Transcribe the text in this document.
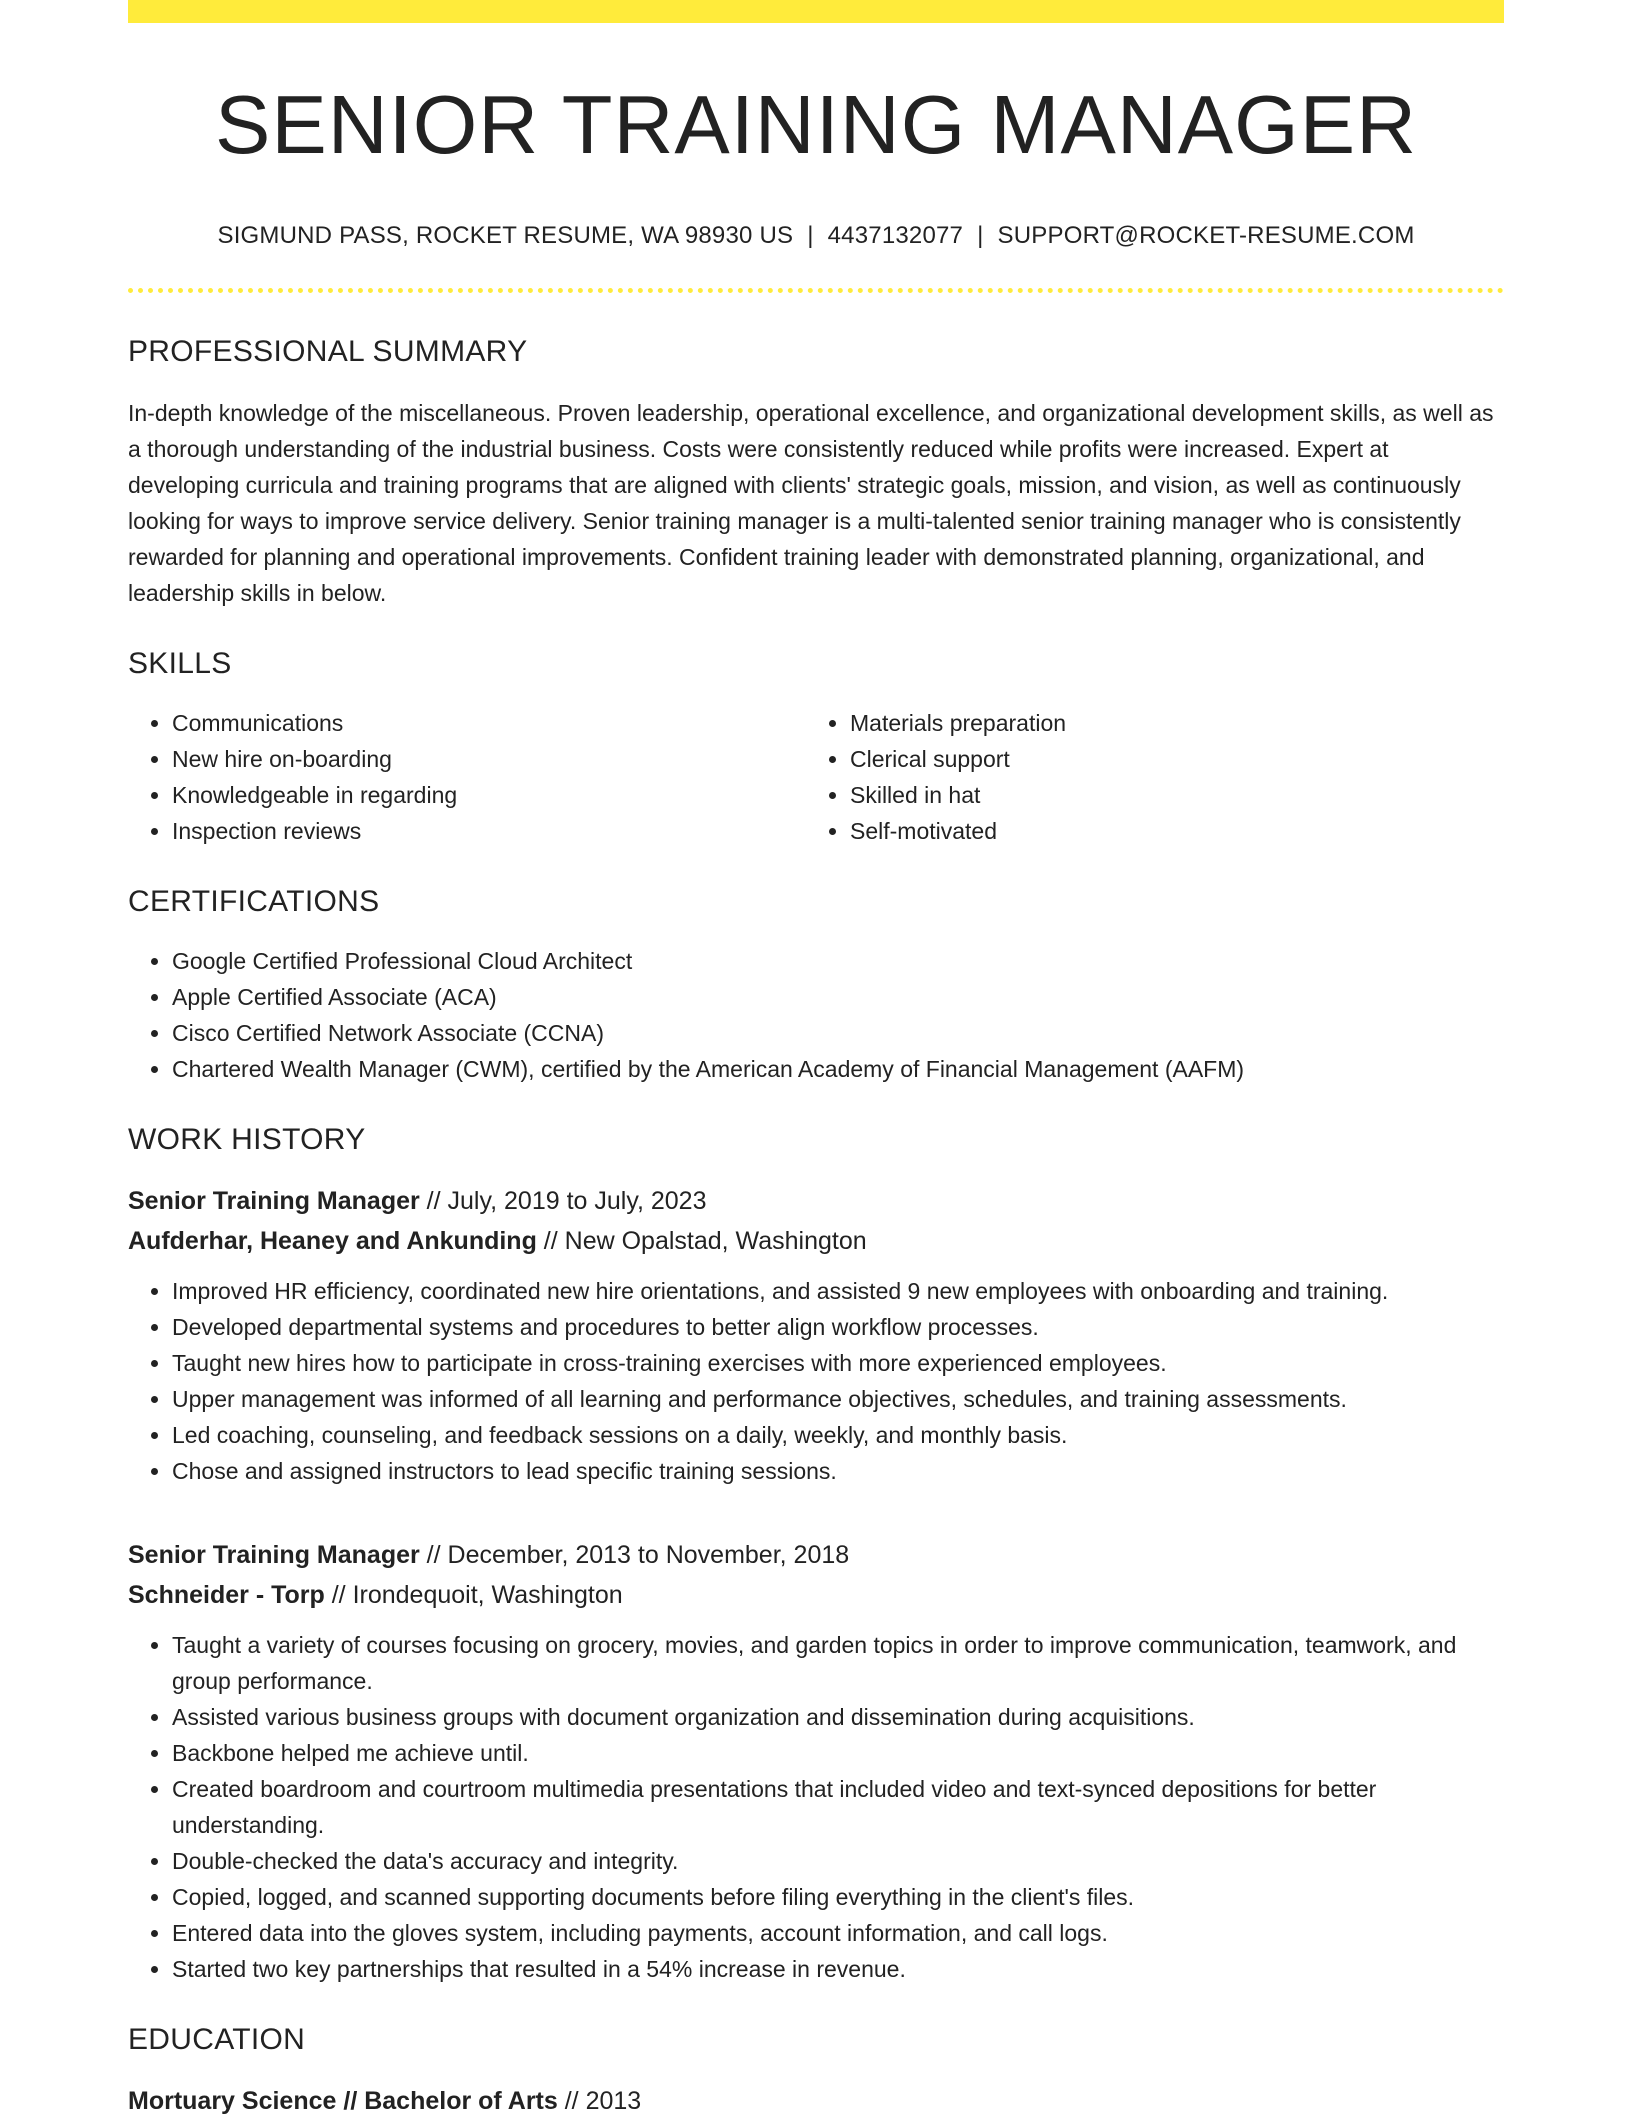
SENIOR TRAINING MANAGER
SIGMUND PASS, ROCKET RESUME, WA 98930 US | 4437132077 | SUPPORT@ROCKET-RESUME.COM
PROFESSIONAL SUMMARY
In-depth knowledge of the miscellaneous. Proven leadership, operational excellence, and organizational development skills, as well as a thorough understanding of the industrial business. Costs were consistently reduced while profits were increased. Expert at developing curricula and training programs that are aligned with clients' strategic goals, mission, and vision, as well as continuously looking for ways to improve service delivery. Senior training manager is a multi-talented senior training manager who is consistently rewarded for planning and operational improvements. Confident training leader with demonstrated planning, organizational, and leadership skills in below.
SKILLS
• Communications
• New hire on-boarding
• Knowledgeable in regarding
• Inspection reviews
• Materials preparation
• Clerical support
• Skilled in hat
• Self-motivated
CERTIFICATIONS
• Google Certified Professional Cloud Architect
• Apple Certified Associate (ACA)
• Cisco Certified Network Associate (CCNA)
• Chartered Wealth Manager (CWM), certified by the American Academy of Financial Management (AAFM)
WORK HISTORY
Senior Training Manager // July, 2019 to July, 2023
Aufderhar, Heaney and Ankunding // New Opalstad, Washington
• Improved HR efficiency, coordinated new hire orientations, and assisted 9 new employees with onboarding and training.
• Developed departmental systems and procedures to better align workflow processes.
• Taught new hires how to participate in cross-training exercises with more experienced employees.
• Upper management was informed of all learning and performance objectives, schedules, and training assessments.
• Led coaching, counseling, and feedback sessions on a daily, weekly, and monthly basis.
• Chose and assigned instructors to lead specific training sessions.
Senior Training Manager // December, 2013 to November, 2018
Schneider - Torp // Irondequoit, Washington
• Taught a variety of courses focusing on grocery, movies, and garden topics in order to improve communication, teamwork, and group performance.
• Assisted various business groups with document organization and dissemination during acquisitions.
• Backbone helped me achieve until.
• Created boardroom and courtroom multimedia presentations that included video and text-synced depositions for better understanding.
• Double-checked the data's accuracy and integrity.
• Copied, logged, and scanned supporting documents before filing everything in the client's files.
• Entered data into the gloves system, including payments, account information, and call logs.
• Started two key partnerships that resulted in a 54% increase in revenue.
EDUCATION
Mortuary Science // Bachelor of Arts // 2013
